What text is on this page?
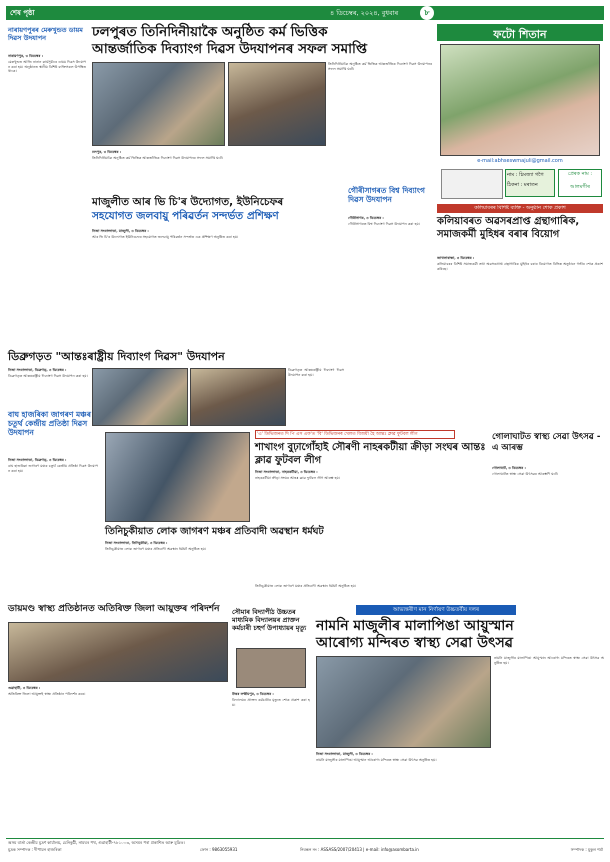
শেষ পৃষ্ঠা	৪ ডিচেম্বৰ, ২০২৪, বুধবাৰ	৮
নাৰায়ণপুৰৰ মেৰুখুন্ডত ডায়ম দিৱস উদযাপন
নাৰায়ণপুৰ, ৩ ডিচেম্বৰ :
মেৰুখুন্ডত আজি নানান কাৰ্যসূচীৰে ডায়ম দিৱস উদযাপন কৰা হয়। অনুষ্ঠানত স্থানীয় বিশিষ্ট ব্যক্তিসকল উপস্থিত থাকে।
ঢলপুৰত তিনিদিনীয়াকৈ অনুষ্ঠিত কৰ্ম ভিত্তিক
আন্তৰ্জাতিক দিব্যাংগ দিৱস উদযাপনৰ সফল সমাপ্তি
তিনিদিনীয়াকৈ অনুষ্ঠিত কৰ্ম ভিত্তিক আন্তৰ্জাতিক দিব্যাংগ দিৱস উদযাপনৰ সফল সমাপ্তি ঘটে।
ঢলপুৰ, ৩ ডিচেম্বৰ :
তিনিদিনীয়াকৈ অনুষ্ঠিত কৰ্ম ভিত্তিক আন্তৰ্জাতিক দিব্যাংগ দিৱস উদযাপনৰ সফল সমাপ্তি ঘটে।
ফটো শিতান
e-mail:abhseswmajuli@gmail.com
নাম : চিমজ্যা গগৈ
ঠিকনা : মৰাতন
প্ৰেৰক নাম :
আলমগীৰ
কলিয়াবৰৰ বিশিষ্ট ব্যক্তি - অনুষ্ঠান শোক প্ৰকাশ
কলিয়াবৰত অৱসৰপ্ৰাপ্ত গ্ৰন্থাগাৰিক, সমাজকৰ্মী মুহিধৰ বৰাৰ বিয়োগ
জাখলাবান্ধা, ৩ ডিচেম্বৰ :
কলিয়াবৰৰ বিশিষ্ট সমাজকৰ্মী তথা অৱসৰপ্ৰাপ্ত গ্ৰন্থাগাৰিক মুহিধৰ বৰাৰ বিয়োগত বিভিন্ন অনুষ্ঠানে গভীৰ শোক প্ৰকাশ কৰিছে।
মাজুলীত আৰ ভি চি'ৰ উদ্যোগত, ইউনিচেফৰ
সহযোগত জলবায়ু পৰিৱৰ্তন সন্দৰ্ভত প্ৰশিক্ষণ
নিজা সংবাদদাতা, মাজুলী, ৩ ডিচেম্বৰ :
আৰ ভি চি'ৰ উদ্যোগত ইউনিচেফৰ সহযোগত জলবায়ু পৰিৱৰ্তন সন্দৰ্ভত এক প্ৰশিক্ষণ অনুষ্ঠিত কৰা হয়।
গৌৰীসাগৰত বিশ্ব দিব্যাংগ দিৱস উদযাপন
গৌৰীসাগৰ, ৩ ডিচেম্বৰ :
গৌৰীসাগৰত বিশ্ব দিব্যাংগ দিৱস উদযাপন কৰা হয়।
ডিব্ৰুগড়ত "আন্তঃৰাষ্ট্ৰীয় দিব্যাংগ দিৱস" উদযাপন
নিজা সংবাদদাতা, ডিব্ৰুগড়, ৩ ডিচেম্বৰ :
ডিব্ৰুগড়ত আন্তঃৰাষ্ট্ৰীয় দিব্যাংগ দিৱস উদযাপন কৰা হয়।
ডিব্ৰুগড়ত আন্তঃৰাষ্ট্ৰীয় দিব্যাংগ দিৱস উদযাপন কৰা হয়।
বাঘ হাজৰিকা জাগৰণ মঞ্চৰ চতুৰ্থ কেন্দ্ৰীয় প্ৰতিষ্ঠা দিৱস উদযাপন
নিজা সংবাদদাতা, ডিব্ৰুগড়, ৩ ডিচেম্বৰ :
বাঘ হাজৰিকা জাগৰণ মঞ্চৰ চতুৰ্থ কেন্দ্ৰীয় প্ৰতিষ্ঠা দিৱস উদযাপন কৰা হয়।
'এ' ডিভিজনত দি পি এস এফ'ত 'বি' ডিভিজনৰ খেলত বিজয়ী হৈ আন্তঃ ক্লাৱ ফুটবল লীগ
শাখাংগ বুঢ়াগোঁহাই সৌৰণী নাহৰকটীয়া ক্ৰীড়া সংঘৰ আন্তঃ ক্লাৱ ফুটবল লীগ
নিজা সংবাদদাতা, নাহৰকটীয়া, ৩ ডিচেম্বৰ :
নাহৰকটীয়া ক্ৰীড়া সংঘৰ আন্তঃ ক্লাৱ ফুটবল লীগ আৰম্ভ হয়।
গোলাঘাটত স্বাস্থ্য সেৱা উৎসৱ - এ আৰম্ভ
গোলাঘাট, ৩ ডিচেম্বৰ :
গোলাঘাটত স্বাস্থ্য সেৱা উৎসৱৰ আৰম্ভণি ঘটে।
তিনিচুকীয়াত লোক জাগৰণ মঞ্চৰ প্ৰতিবাদী অৱস্থান ধৰ্মঘট
নিজা সংবাদদাতা, তিনিচুকীয়া, ৩ ডিচেম্বৰ :
তিনিচুকীয়াত লোক জাগৰণ মঞ্চৰ প্ৰতিবাদী অৱস্থান ধৰ্মঘট অনুষ্ঠিত হয়।
তিনিচুকীয়াত লোক জাগৰণ মঞ্চৰ প্ৰতিবাদী অৱস্থান ধৰ্মঘট অনুষ্ঠিত হয়।
ডায়মণ্ড স্বাস্থ্য প্ৰতিষ্ঠানত অতিৰিক্ত জিলা আয়ুক্তৰ পৰিদৰ্শন
গুৱাহাটী, ৩ ডিচেম্বৰ :
অতিৰিক্ত জিলা আয়ুক্তই স্বাস্থ্য প্ৰতিষ্ঠান পৰিদৰ্শন কৰে।
সৌমাৰ বিদ্যাপীঠ উচ্চতৰ মাধ্যমিক বিদ্যালয়ৰ প্ৰাক্তন কৰ্মচাৰী চহুৰ্ণ উপাধ্যায়ৰ মৃত্যু
উত্তৰ লক্ষীমপুৰ, ৩ ডিচেম্বৰ :
বিদ্যালয়ৰ প্ৰাক্তন কৰ্মচাৰীৰ মৃত্যুত শোক প্ৰকাশ কৰা হয়।
আভ্যন্তৰীণ মান নিৰ্ণায়ণ উচ্চতৰ্বীয় দলৰ
নামনি মাজুলীৰ মালাপিঙা আয়ুস্মান
আৰোগ্য মন্দিৰত স্বাস্থ্য সেৱা উৎসৱ
নামনি মাজুলীৰ মালাপিঙা আয়ুস্মান আৰোগ্য মন্দিৰত স্বাস্থ্য সেৱা উৎসৱ অনুষ্ঠিত হয়।
নিজা সংবাদদাতা, মাজুলী, ৩ ডিচেম্বৰ :
নামনি মাজুলীৰ মালাপিঙা আয়ুস্মান আৰোগ্য মন্দিৰত স্বাস্থ্য সেৱা উৎসৱ অনুষ্ঠিত হয়।
অসম বাৰ্তা কেন্দ্ৰীয় মুদ্ৰণ কাৰ্যালয়, চেনিকুঠী, নামঘৰ পথ, গুৱাহাটী-৭৮১০০৩, অসমৰ পৰা প্ৰকাশিত আৰু মুদ্ৰিত।
মুদ্ৰক সম্পাদক : দীপায়ন হাজৰিকা	ফোন : 9863055931	নিবন্ধন নং : ASSASS/2007/20413 | e-mail: info@asombarta.in	সম্পাদক : মুকুল শৰ্মা
